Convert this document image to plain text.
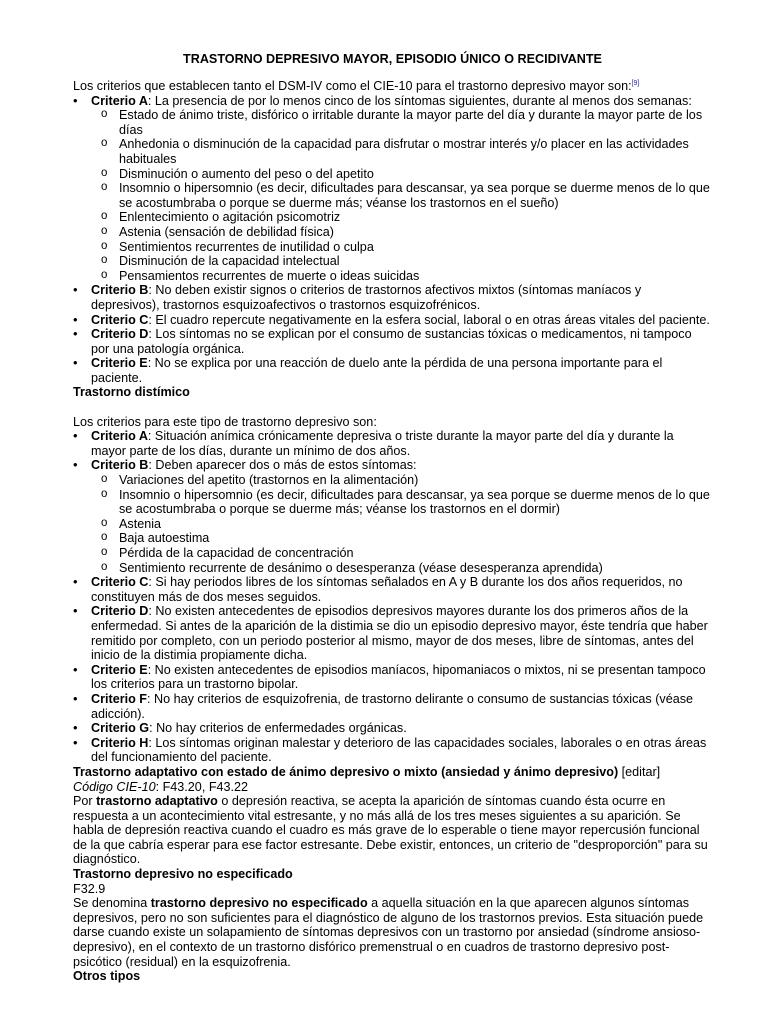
TRASTORNO DEPRESIVO MAYOR, EPISODIO ÚNICO O RECIDIVANTE

Los criterios que establecen tanto el DSM-IV como el CIE-10 para el trastorno depresivo mayor son:[9]

• Criterio A: La presencia de por lo menos cinco de los síntomas siguientes, durante al menos dos semanas:
o Estado de ánimo triste, disfórico o irritable durante la mayor parte del día y durante la mayor parte de los días
o Anhedonia o disminución de la capacidad para disfrutar o mostrar interés y/o placer en las actividades habituales
o Disminución o aumento del peso o del apetito
o Insomnio o hipersomnio (es decir, dificultades para descansar, ya sea porque se duerme menos de lo que se acostumbraba o porque se duerme más; véanse los trastornos en el sueño)
o Enlentecimiento o agitación psicomotriz
o Astenia (sensación de debilidad física)
o Sentimientos recurrentes de inutilidad o culpa
o Disminución de la capacidad intelectual
o Pensamientos recurrentes de muerte o ideas suicidas
• Criterio B: No deben existir signos o criterios de trastornos afectivos mixtos (síntomas maníacos y depresivos), trastornos esquizoafectivos o trastornos esquizofrénicos.
• Criterio C: El cuadro repercute negativamente en la esfera social, laboral o en otras áreas vitales del paciente.
• Criterio D: Los síntomas no se explican por el consumo de sustancias tóxicas o medicamentos, ni tampoco por una patología orgánica.
• Criterio E: No se explica por una reacción de duelo ante la pérdida de una persona importante para el paciente.

Trastorno distímico

Los criterios para este tipo de trastorno depresivo son:

• Criterio A: Situación anímica crónicamente depresiva o triste durante la mayor parte del día y durante la mayor parte de los días, durante un mínimo de dos años.
• Criterio B: Deben aparecer dos o más de estos síntomas:
o Variaciones del apetito (trastornos en la alimentación)
o Insomnio o hipersomnio (es decir, dificultades para descansar, ya sea porque se duerme menos de lo que se acostumbraba o porque se duerme más; véanse los trastornos en el dormir)
o Astenia
o Baja autoestima
o Pérdida de la capacidad de concentración
o Sentimiento recurrente de desánimo o desesperanza (véase desesperanza aprendida)
• Criterio C: Si hay periodos libres de los síntomas señalados en A y B durante los dos años requeridos, no constituyen más de dos meses seguidos.
• Criterio D: No existen antecedentes de episodios depresivos mayores durante los dos primeros años de la enfermedad. Si antes de la aparición de la distimia se dio un episodio depresivo mayor, éste tendría que haber remitido por completo, con un periodo posterior al mismo, mayor de dos meses, libre de síntomas, antes del inicio de la distimia propiamente dicha.
• Criterio E: No existen antecedentes de episodios maníacos, hipomaniacos o mixtos, ni se presentan tampoco los criterios para un trastorno bipolar.
• Criterio F: No hay criterios de esquizofrenia, de trastorno delirante o consumo de sustancias tóxicas (véase adicción).
• Criterio G: No hay criterios de enfermedades orgánicas.
• Criterio H: Los síntomas originan malestar y deterioro de las capacidades sociales, laborales o en otras áreas del funcionamiento del paciente.

Trastorno adaptativo con estado de ánimo depresivo o mixto (ansiedad y ánimo depresivo) [editar]

Código CIE-10: F43.20, F43.22

Por trastorno adaptativo o depresión reactiva, se acepta la aparición de síntomas cuando ésta ocurre en respuesta a un acontecimiento vital estresante, y no más allá de los tres meses siguientes a su aparición. Se habla de depresión reactiva cuando el cuadro es más grave de lo esperable o tiene mayor repercusión funcional de la que cabría esperar para ese factor estresante. Debe existir, entonces, un criterio de "desproporción" para su diagnóstico.

Trastorno depresivo no especificado

F32.9

Se denomina trastorno depresivo no especificado a aquella situación en la que aparecen algunos síntomas depresivos, pero no son suficientes para el diagnóstico de alguno de los trastornos previos. Esta situación puede darse cuando existe un solapamiento de síntomas depresivos con un trastorno por ansiedad (síndrome ansioso-depresivo), en el contexto de un trastorno disfórico premenstrual o en cuadros de trastorno depresivo post-psicótico (residual) en la esquizofrenia.

Otros tipos
